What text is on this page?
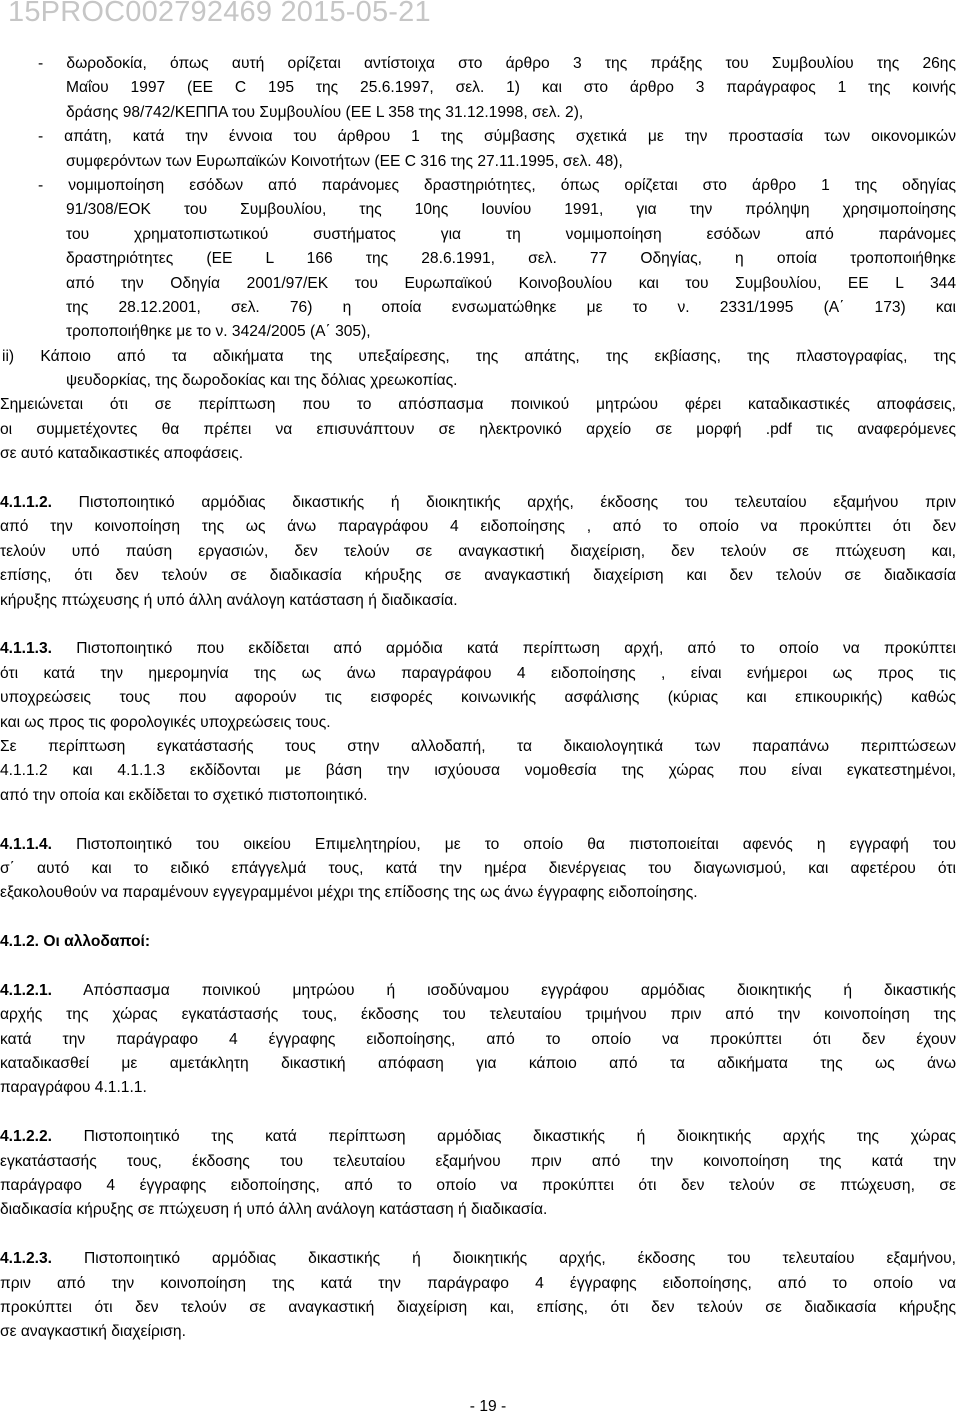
15PROC002792469 2015-05-21
- δωροδοκία, όπως αυτή ορίζεται αντίστοιχα στο άρθρο 3 της πράξης του Συμβουλίου της 26ης
Μαΐου 1997 (ΕΕ C 195 της 25.6.1997, σελ. 1) και στο άρθρο 3 παράγραφος 1 της κοινής
δράσης 98/742/ΚΕΠΠΑ του Συμβουλίου (ΕΕ L 358 της 31.12.1998, σελ. 2),
- απάτη, κατά την έννοια του άρθρου 1 της σύμβασης σχετικά με την προστασία των οικονομικών
συμφερόντων των Ευρωπαϊκών Κοινοτήτων (ΕΕ C 316 της 27.11.1995, σελ. 48),
- νομιμοποίηση εσόδων από παράνομες δραστηριότητες, όπως ορίζεται στο άρθρο 1 της οδηγίας
91/308/ΕΟΚ του Συμβουλίου, της 10ης Ιουνίου 1991, για την πρόληψη χρησιμοποίησης
του χρηματοπιστωτικού συστήματος για τη νομιμοποίηση εσόδων από παράνομες
δραστηριότητες (ΕΕ L 166 της 28.6.1991, σελ. 77 Οδηγίας, η οποία τροποποιήθηκε
από την Οδηγία 2001/97/ΕΚ του Ευρωπαϊκού Κοινοβουλίου και του Συμβουλίου, ΕΕ L 344
της 28.12.2001, σελ. 76) η οποία ενσωματώθηκε με το ν. 2331/1995 (Α΄ 173) και
τροποποιήθηκε με το ν. 3424/2005 (Α΄ 305),
ii) Κάποιο από τα αδικήματα της υπεξαίρεσης, της απάτης, της εκβίασης, της πλαστογραφίας, της
ψευδορκίας, της δωροδοκίας και της δόλιας χρεωκοπίας.
Σημειώνεται ότι σε περίπτωση που το απόσπασμα ποινικού μητρώου φέρει καταδικαστικές αποφάσεις,
οι συμμετέχοντες θα πρέπει να επισυνάπτουν σε ηλεκτρονικό αρχείο σε μορφή .pdf τις αναφερόμενες
σε αυτό καταδικαστικές αποφάσεις.
4.1.1.2. Πιστοποιητικό αρμόδιας δικαστικής ή διοικητικής αρχής, έκδοσης του τελευταίου εξαμήνου πριν
από την κοινοποίηση της ως άνω παραγράφου 4 ειδοποίησης , από το οποίο να προκύπτει ότι δεν
τελούν υπό παύση εργασιών, δεν τελούν σε αναγκαστική διαχείριση, δεν τελούν σε πτώχευση και,
επίσης, ότι δεν τελούν σε διαδικασία κήρυξης σε αναγκαστική διαχείριση και δεν τελούν σε διαδικασία
κήρυξης πτώχευσης ή υπό άλλη ανάλογη κατάσταση ή διαδικασία.
4.1.1.3. Πιστοποιητικό που εκδίδεται από αρμόδια κατά περίπτωση αρχή, από το οποίο να προκύπτει
ότι κατά την ημερομηνία της ως άνω παραγράφου 4 ειδοποίησης , είναι ενήμεροι ως προς τις
υποχρεώσεις τους που αφορούν τις εισφορές κοινωνικής ασφάλισης (κύριας και επικουρικής) καθώς
και ως προς τις φορολογικές υποχρεώσεις τους.
Σε περίπτωση εγκατάστασής τους στην αλλοδαπή, τα δικαιολογητικά των παραπάνω περιπτώσεων
4.1.1.2 και 4.1.1.3 εκδίδονται με βάση την ισχύουσα νομοθεσία της χώρας που είναι εγκατεστημένοι,
από την οποία και εκδίδεται το σχετικό πιστοποιητικό.
4.1.1.4. Πιστοποιητικό του οικείου Επιμελητηρίου, με το οποίο θα πιστοποιείται αφενός η εγγραφή του
σ΄ αυτό και το ειδικό επάγγελμά τους, κατά την ημέρα διενέργειας του διαγωνισμού, και αφετέρου ότι
εξακολουθούν να παραμένουν εγγεγραμμένοι μέχρι της επίδοσης της ως άνω έγγραφης ειδοποίησης.
4.1.2. Οι αλλοδαποί:
4.1.2.1. Απόσπασμα ποινικού μητρώου ή ισοδύναμου εγγράφου αρμόδιας διοικητικής ή δικαστικής
αρχής της χώρας εγκατάστασής τους, έκδοσης του τελευταίου τριμήνου πριν από την κοινοποίηση της
κατά την παράγραφο 4 έγγραφης ειδοποίησης, από το οποίο να προκύπτει ότι δεν έχουν
καταδικασθεί με αμετάκλητη δικαστική απόφαση για κάποιο από τα αδικήματα της ως άνω
παραγράφου 4.1.1.1.
4.1.2.2. Πιστοποιητικό της κατά περίπτωση αρμόδιας δικαστικής ή διοικητικής αρχής της χώρας
εγκατάστασής τους, έκδοσης του τελευταίου εξαμήνου πριν από την κοινοποίηση της κατά την
παράγραφο 4 έγγραφης ειδοποίησης, από το οποίο να προκύπτει ότι δεν τελούν σε πτώχευση, σε
διαδικασία κήρυξης σε πτώχευση ή υπό άλλη ανάλογη κατάσταση ή διαδικασία.
4.1.2.3. Πιστοποιητικό αρμόδιας δικαστικής ή διοικητικής αρχής, έκδοσης του τελευταίου εξαμήνου,
πριν από την κοινοποίηση της κατά την παράγραφο 4 έγγραφης ειδοποίησης, από το οποίο να
προκύπτει ότι δεν τελούν σε αναγκαστική διαχείριση και, επίσης, ότι δεν τελούν σε διαδικασία κήρυξης
σε αναγκαστική διαχείριση.
- 19 -
